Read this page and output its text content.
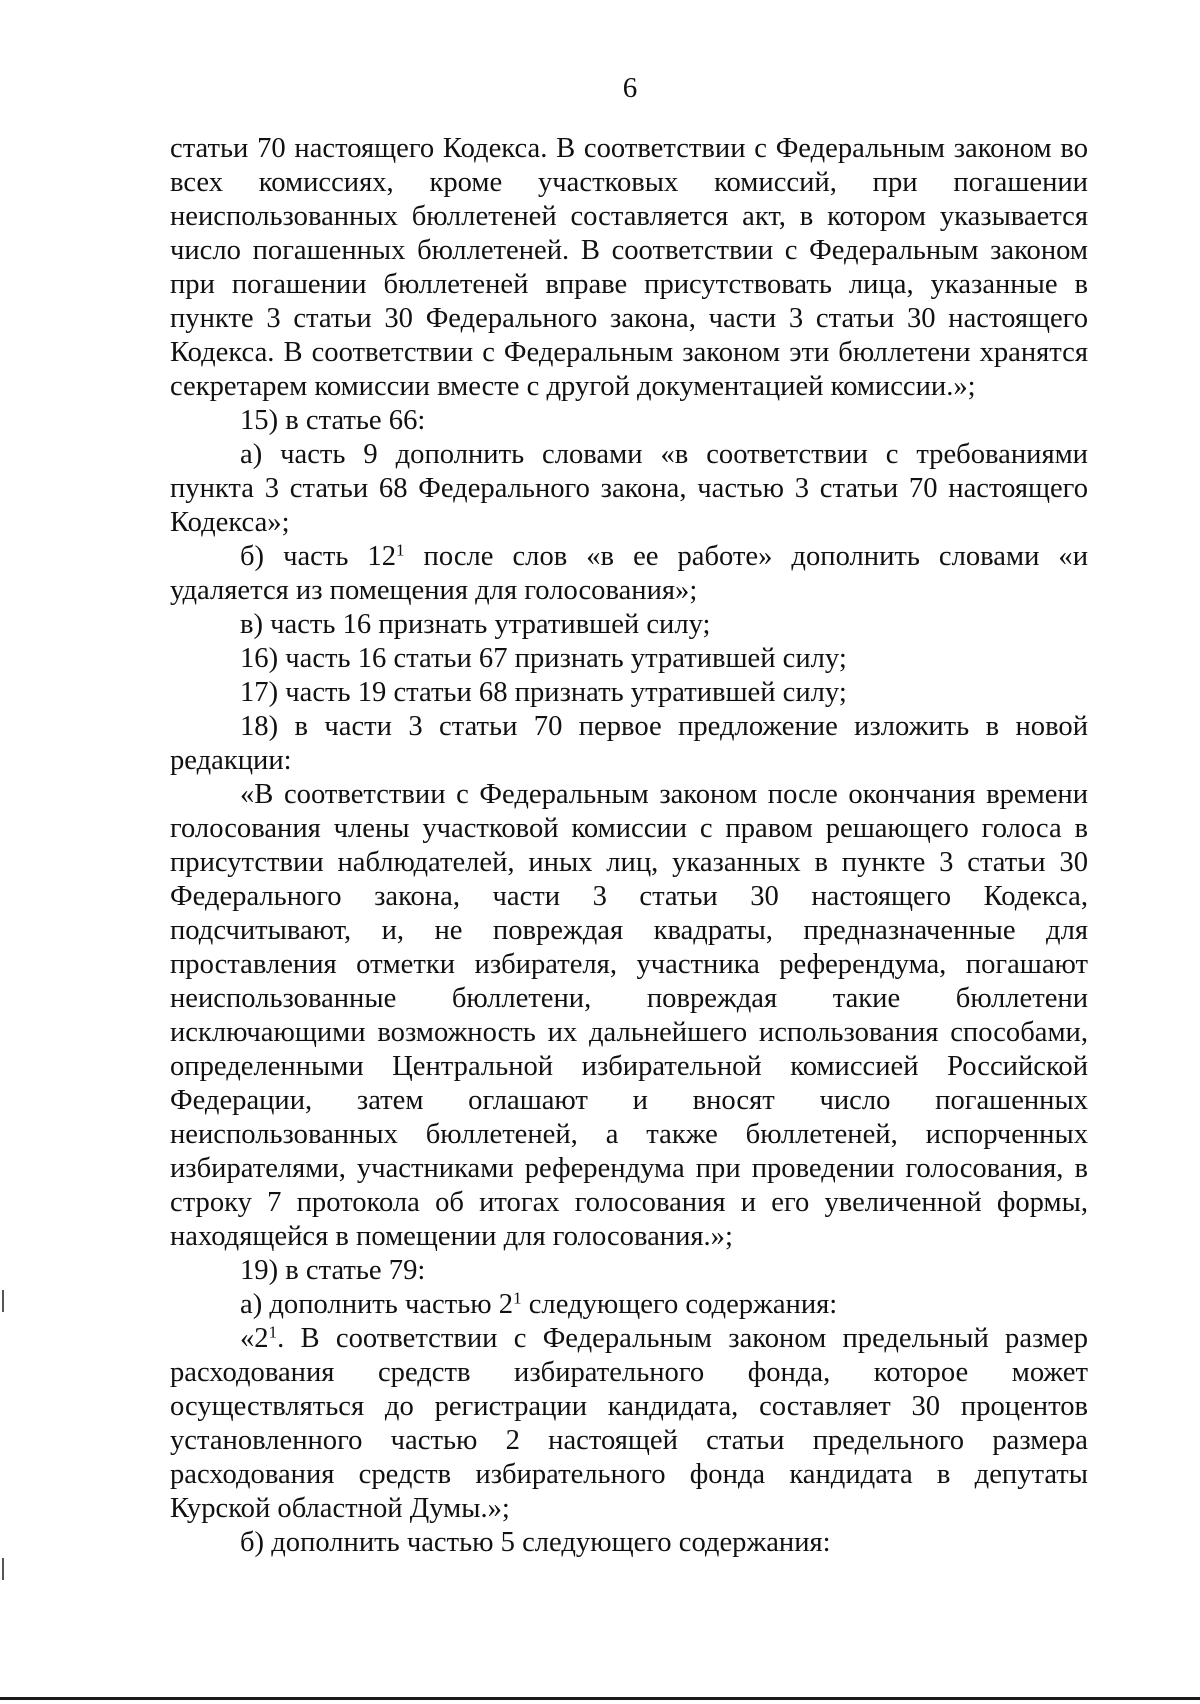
6

статьи 70 настоящего Кодекса. В соответствии с Федеральным законом во всех комиссиях, кроме участковых комиссий, при погашении неиспользованных бюллетеней составляется акт, в котором указывается число погашенных бюллетеней. В соответствии с Федеральным законом при погашении бюллетеней вправе присутствовать лица, указанные в пункте 3 статьи 30 Федерального закона, части 3 статьи 30 настоящего Кодекса. В соответствии с Федеральным законом эти бюллетени хранятся секретарем комиссии вместе с другой документацией комиссии.»;

15) в статье 66:

а) часть 9 дополнить словами «в соответствии с требованиями пункта 3 статьи 68 Федерального закона, частью 3 статьи 70 настоящего Кодекса»;

б) часть $12^1$ после слов «в ее работе» дополнить словами «и удаляется из помещения для голосования»;

в) часть 16 признать утратившей силу;

16) часть 16 статьи 67 признать утратившей силу;

17) часть 19 статьи 68 признать утратившей силу;

18) в части 3 статьи 70 первое предложение изложить в новой редакции:

«В соответствии с Федеральным законом после окончания времени голосования члены участковой комиссии с правом решающего голоса в присутствии наблюдателей, иных лиц, указанных в пункте 3 статьи 30 Федерального закона, части 3 статьи 30 настоящего Кодекса, подсчитывают, и, не повреждая квадраты, предназначенные для проставления отметки избирателя, участника референдума, погашают неиспользованные бюллетени, повреждая такие бюллетени исключающими возможность их дальнейшего использования способами, определенными Центральной избирательной комиссией Российской Федерации, затем оглашают и вносят число погашенных неиспользованных бюллетеней, а также бюллетеней, испорченных избирателями, участниками референдума при проведении голосования, в строку 7 протокола об итогах голосования и его увеличенной формы, находящейся в помещении для голосования.»;

19) в статье 79:

а) дополнить частью $2^1$ следующего содержания:

«$2^1$. В соответствии с Федеральным законом предельный размер расходования средств избирательного фонда, которое может осуществляться до регистрации кандидата, составляет 30 процентов установленного частью 2 настоящей статьи предельного размера расходования средств избирательного фонда кандидата в депутаты Курской областной Думы.»;

б) дополнить частью 5 следующего содержания:
